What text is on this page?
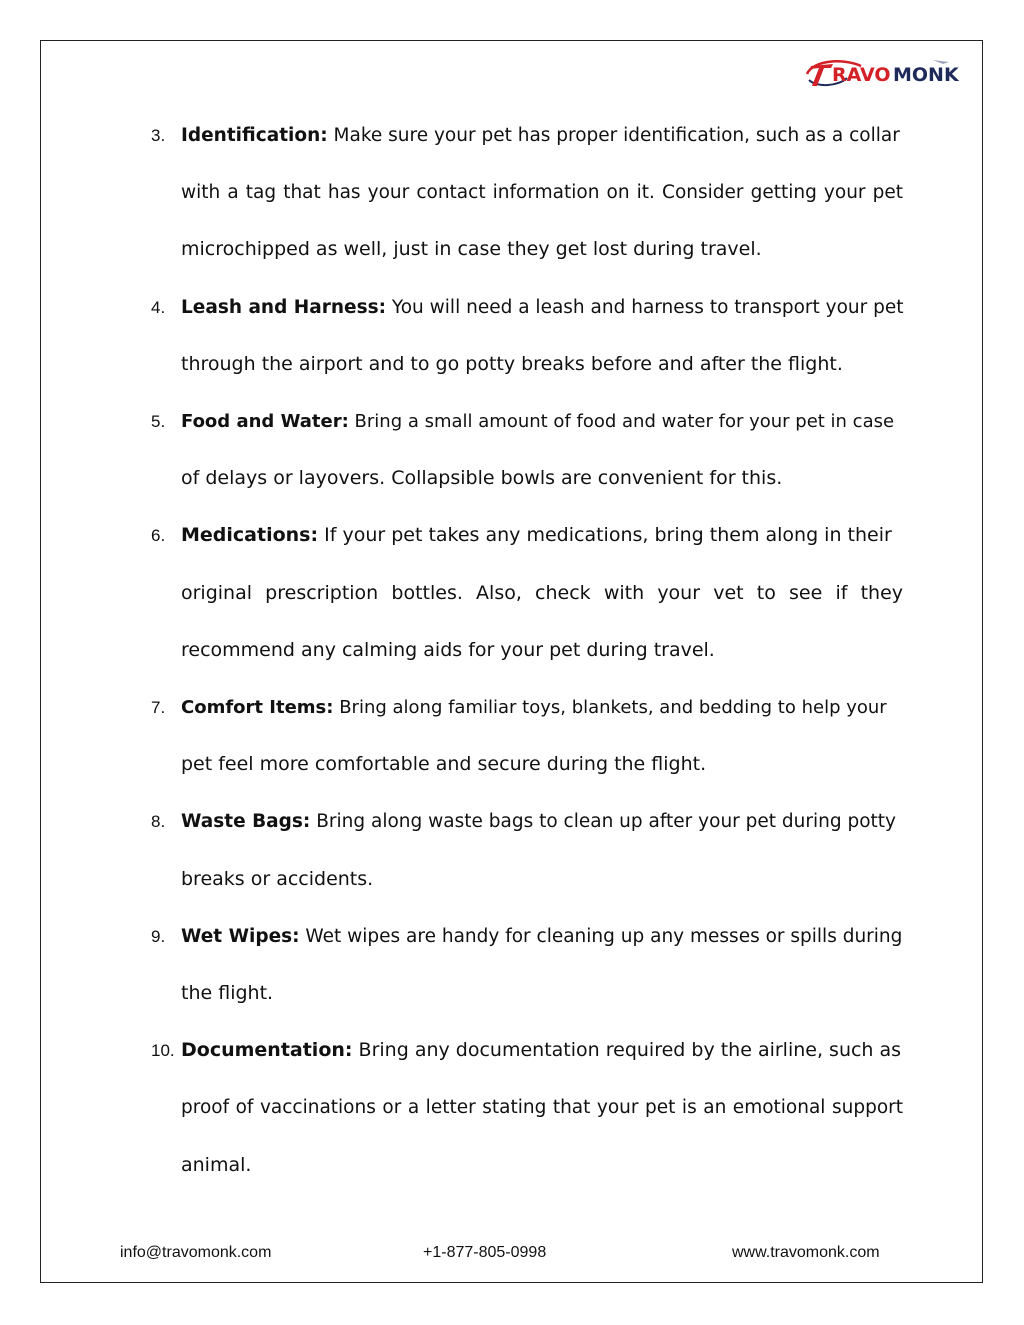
RAVO MONK
3. Identification: Make sure your pet has proper identification, such as a collar
with a tag that has your contact information on it. Consider getting your pet
microchipped as well, just in case they get lost during travel.
4. Leash and Harness: You will need a leash and harness to transport your pet
through the airport and to go potty breaks before and after the flight.
5. Food and Water: Bring a small amount of food and water for your pet in case
of delays or layovers. Collapsible bowls are convenient for this.
6. Medications: If your pet takes any medications, bring them along in their
original prescription bottles. Also, check with your vet to see if they
recommend any calming aids for your pet during travel.
7. Comfort Items: Bring along familiar toys, blankets, and bedding to help your
pet feel more comfortable and secure during the flight.
8. Waste Bags: Bring along waste bags to clean up after your pet during potty
breaks or accidents.
9. Wet Wipes: Wet wipes are handy for cleaning up any messes or spills during
the flight.
10. Documentation: Bring any documentation required by the airline, such as
proof of vaccinations or a letter stating that your pet is an emotional support
animal.
info@travomonk.com	+1-877-805-0998	www.travomonk.com
